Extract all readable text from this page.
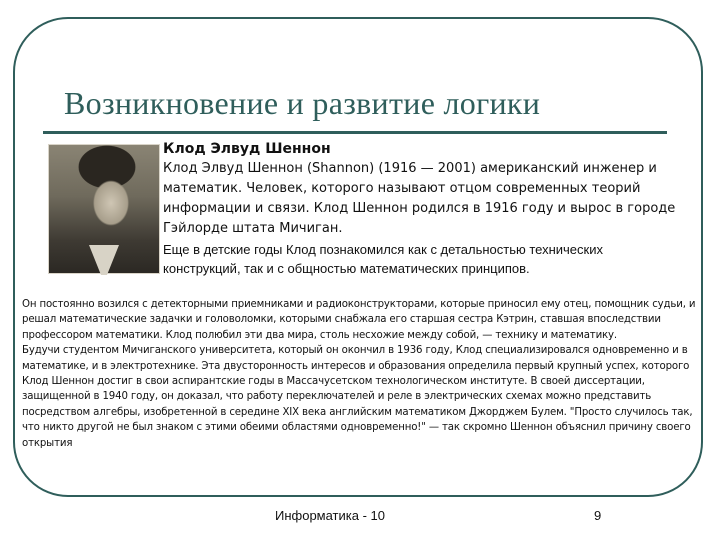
Возникновение и развитие логики
Клод Элвуд Шеннон
Клод Элвуд Шеннон (Shannon) (1916 — 2001) американский инженер и математик. Человек, которого называют отцом современных теорий информации и связи. Клод Шеннон родился в 1916 году и вырос в городе Гэйлорде штата Мичиган.
Еще в детские годы Клод познакомился как с детальностью технических конструкций, так и с общностью математических принципов.

Он постоянно возился с детекторными приемниками и радиоконструкторами, которые приносил ему отец, помощник судьи, и решал математические задачки и головоломки, которыми снабжала его старшая сестра Кэтрин, ставшая впоследствии профессором математики. Клод полюбил эти два мира, столь несхожие между собой, — технику и математику.

Будучи студентом Мичиганского университета, который он окончил в 1936 году, Клод специализировался одновременно и в математике, и в электротехнике. Эта двусторонность интересов и образования определила первый крупный успех, которого Клод Шеннон достиг в свои аспирантские годы в Массачусетском технологическом институте. В своей диссертации, защищенной в 1940 году, он доказал, что работу переключателей и реле в электрических схемах можно представить посредством алгебры, изобретенной в середине XIX века английским математиком Джорджем Булем. "Просто случилось так, что никто другой не был знаком с этими обеими областями одновременно!" — так скромно Шеннон объяснил причину своего открытия

Информатика - 10	9
